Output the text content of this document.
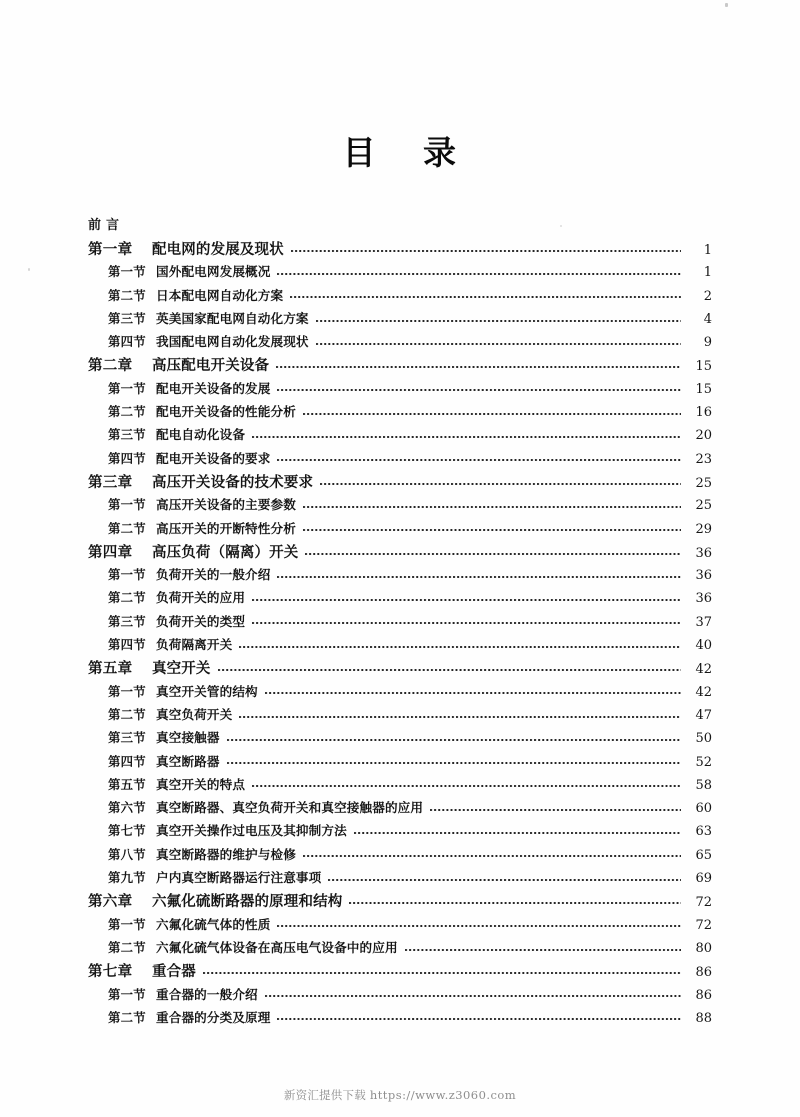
目 录
前 言
第一章	配电网的发展及现状	1
第一节 国外配电网发展概况	1
第二节 日本配电网自动化方案	2
第三节 英美国家配电网自动化方案	4
第四节 我国配电网自动化发展现状	9
第二章	高压配电开关设备	15
第一节 配电开关设备的发展	15
第二节 配电开关设备的性能分析	16
第三节 配电自动化设备	20
第四节 配电开关设备的要求	23
第三章	高压开关设备的技术要求	25
第一节 高压开关设备的主要参数	25
第二节 高压开关的开断特性分析	29
第四章	高压负荷（隔离）开关	36
第一节 负荷开关的一般介绍	36
第二节 负荷开关的应用	36
第三节 负荷开关的类型	37
第四节 负荷隔离开关	40
第五章	真空开关	42
第一节 真空开关管的结构	42
第二节 真空负荷开关	47
第三节 真空接触器	50
第四节 真空断路器	52
第五节 真空开关的特点	58
第六节 真空断路器、真空负荷开关和真空接触器的应用	60
第七节 真空开关操作过电压及其抑制方法	63
第八节 真空断路器的维护与检修	65
第九节 户内真空断路器运行注意事项	69
第六章	六氟化硫断路器的原理和结构	72
第一节 六氟化硫气体的性质	72
第二节 六氟化硫气体设备在高压电气设备中的应用	80
第七章	重合器	86
第一节 重合器的一般介绍	86
第二节 重合器的分类及原理	88
新资汇提供下载 https://www.z3060.com
